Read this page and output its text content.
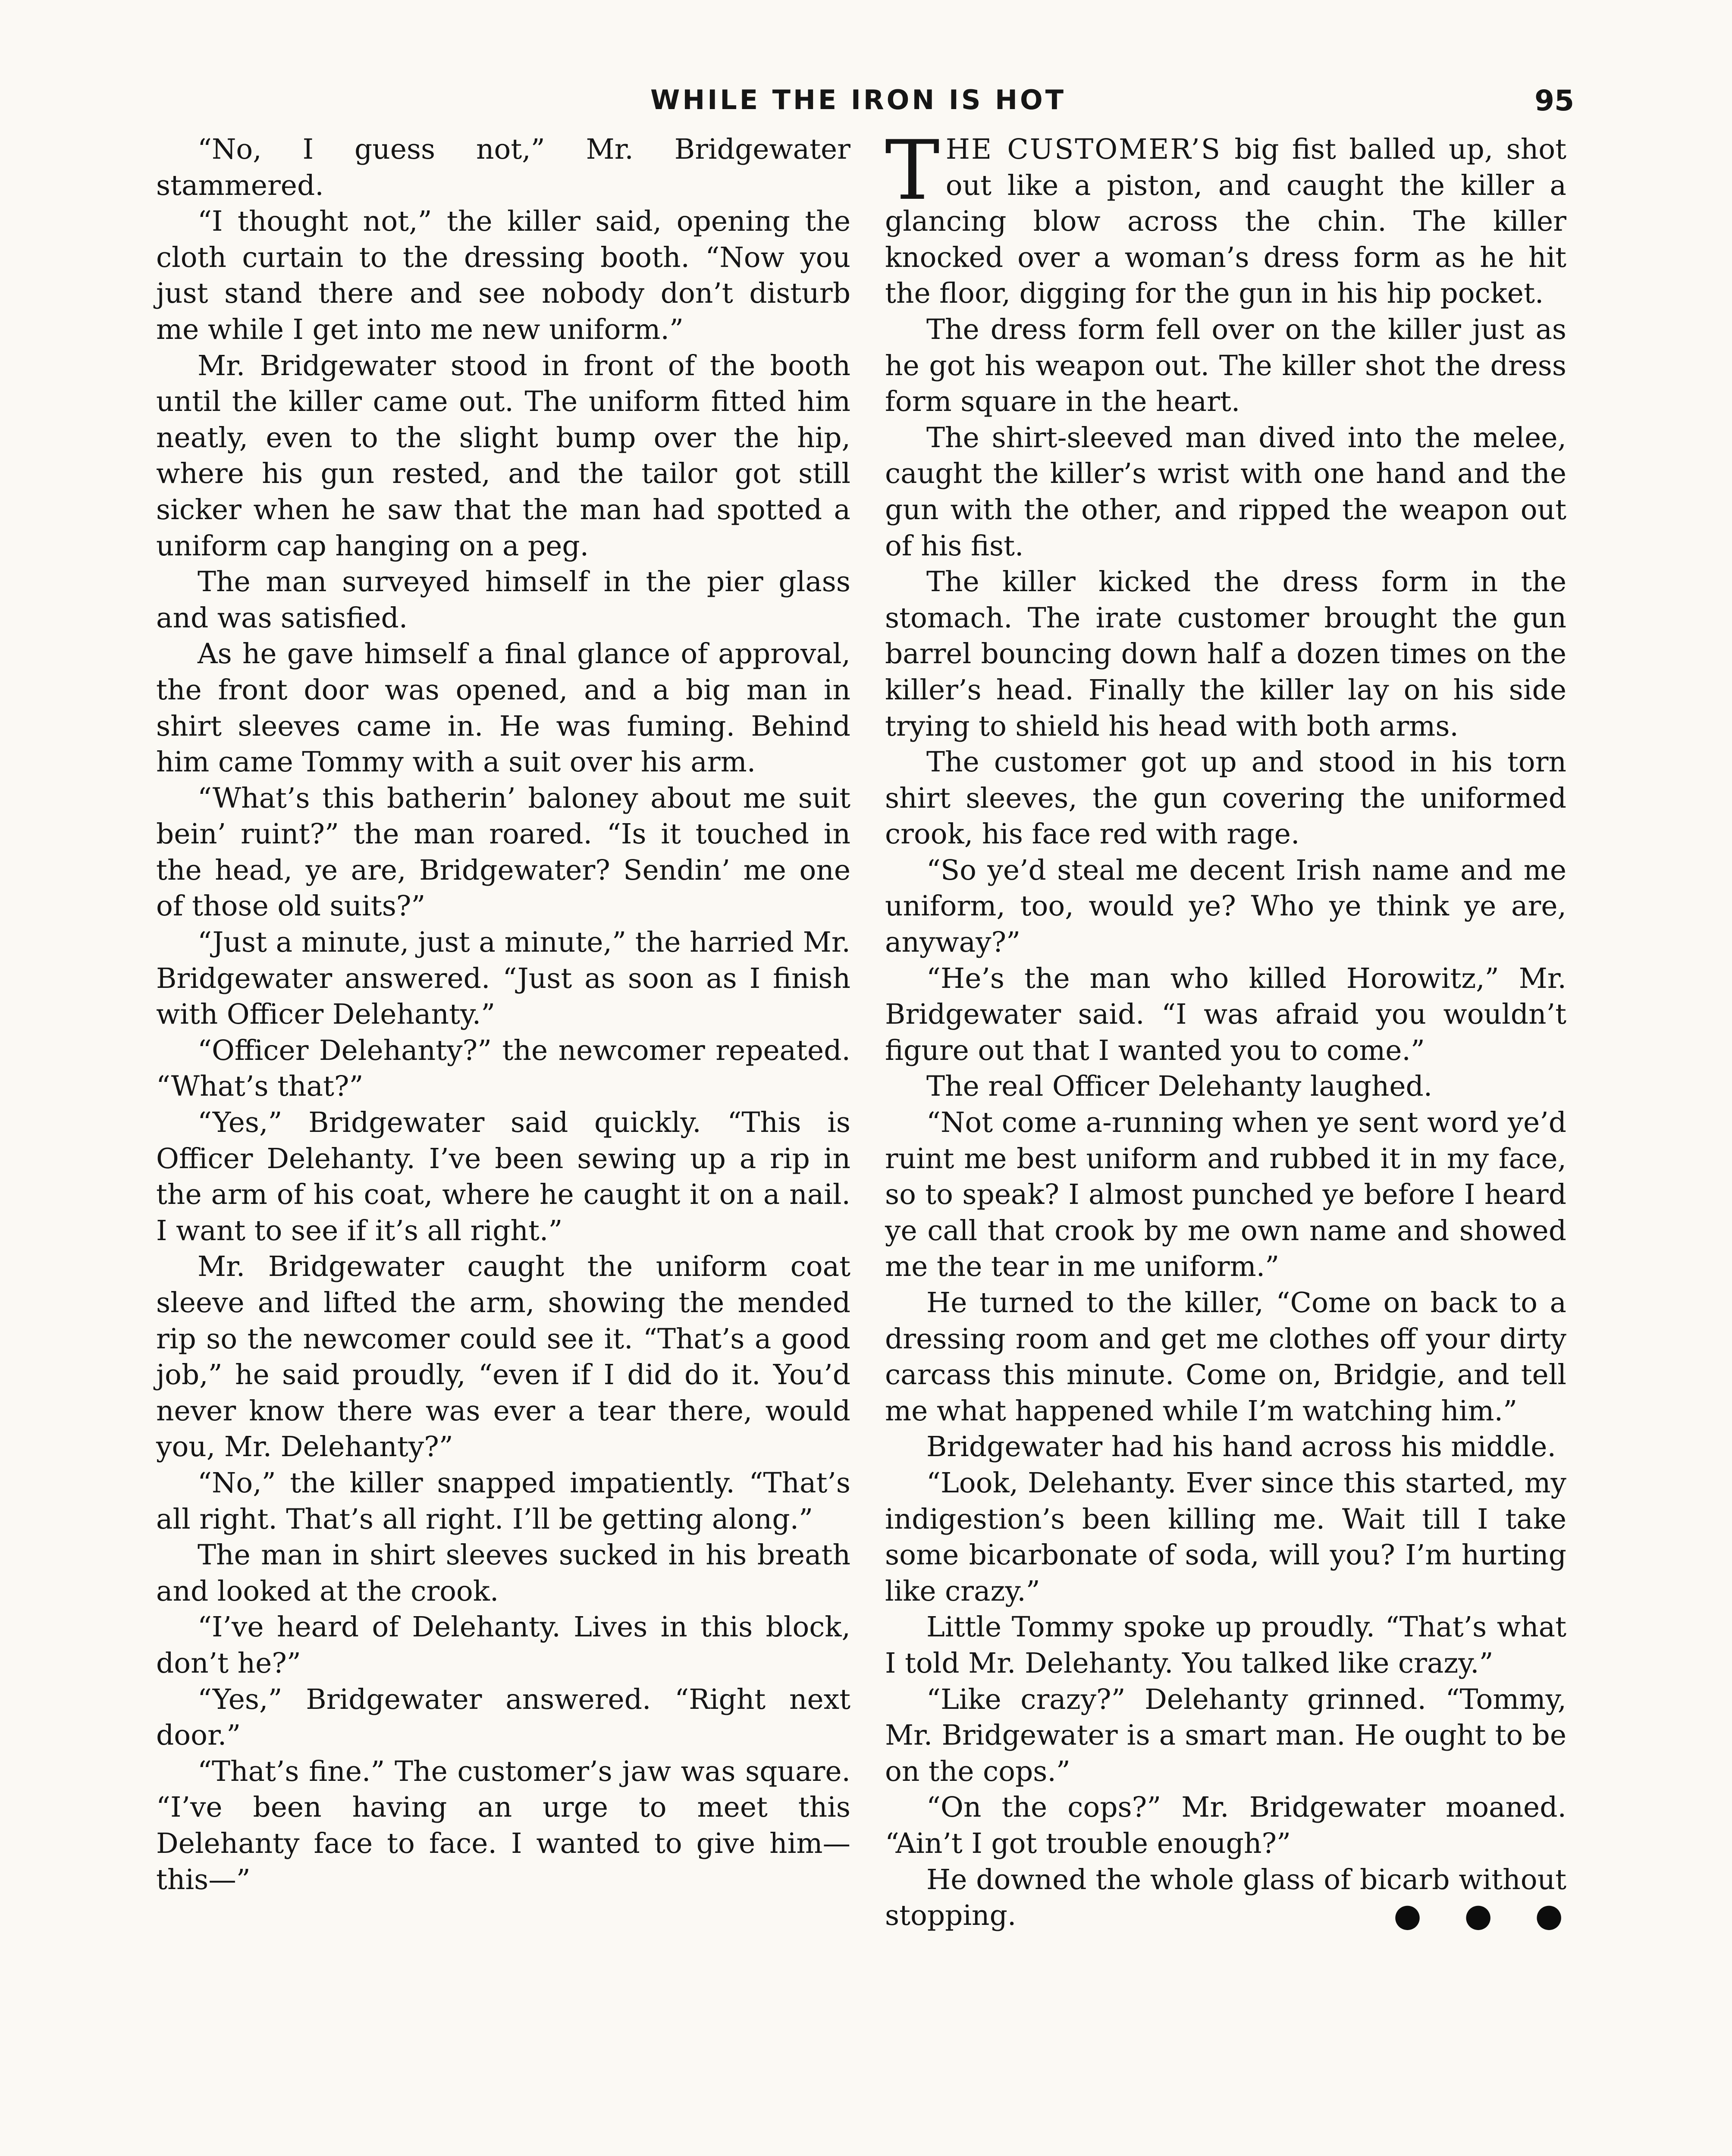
WHILE THE IRON IS HOT	95

“No, I guess not,” Mr. Bridgewater stammered.

“I thought not,” the killer said, opening the cloth curtain to the dressing booth. “Now you just stand there and see nobody don’t disturb me while I get into me new uniform.”

Mr. Bridgewater stood in front of the booth until the killer came out. The uniform fitted him neatly, even to the slight bump over the hip, where his gun rested, and the tailor got still sicker when he saw that the man had spotted a uniform cap hanging on a peg.

The man surveyed himself in the pier glass and was satisfied.

As he gave himself a final glance of approval, the front door was opened, and a big man in shirt sleeves came in. He was fuming. Behind him came Tommy with a suit over his arm.

“What’s this batherin’ baloney about me suit bein’ ruint?” the man roared. “Is it touched in the head, ye are, Bridgewater? Sendin’ me one of those old suits?”

“Just a minute, just a minute,” the harried Mr. Bridgewater answered. “Just as soon as I finish with Officer Delehanty.”

“Officer Delehanty?” the newcomer repeated. “What’s that?”

“Yes,” Bridgewater said quickly. “This is Officer Delehanty. I’ve been sewing up a rip in the arm of his coat, where he caught it on a nail. I want to see if it’s all right.”

Mr. Bridgewater caught the uniform coat sleeve and lifted the arm, showing the mended rip so the newcomer could see it. “That’s a good job,” he said proudly, “even if I did do it. You’d never know there was ever a tear there, would you, Mr. Delehanty?”

“No,” the killer snapped impatiently. “That’s all right. That’s all right. I’ll be getting along.”

The man in shirt sleeves sucked in his breath and looked at the crook.

“I’ve heard of Delehanty. Lives in this block, don’t he?”

“Yes,” Bridgewater answered. “Right next door.”

“That’s fine.” The customer’s jaw was square. “I’ve been having an urge to meet this Delehanty face to face. I wanted to give him—this—”

THE CUSTOMER’S big fist balled up, shot out like a piston, and caught the killer a glancing blow across the chin. The killer knocked over a woman’s dress form as he hit the floor, digging for the gun in his hip pocket.

The dress form fell over on the killer just as he got his weapon out. The killer shot the dress form square in the heart.

The shirt-sleeved man dived into the melee, caught the killer’s wrist with one hand and the gun with the other, and ripped the weapon out of his fist.

The killer kicked the dress form in the stomach. The irate customer brought the gun barrel bouncing down half a dozen times on the killer’s head. Finally the killer lay on his side trying to shield his head with both arms.

The customer got up and stood in his torn shirt sleeves, the gun covering the uniformed crook, his face red with rage.

“So ye’d steal me decent Irish name and me uniform, too, would ye? Who ye think ye are, anyway?”

“He’s the man who killed Horowitz,” Mr. Bridgewater said. “I was afraid you wouldn’t figure out that I wanted you to come.”

The real Officer Delehanty laughed.

“Not come a-running when ye sent word ye’d ruint me best uniform and rubbed it in my face, so to speak? I almost punched ye before I heard ye call that crook by me own name and showed me the tear in me uniform.”

He turned to the killer, “Come on back to a dressing room and get me clothes off your dirty carcass this minute. Come on, Bridgie, and tell me what happened while I’m watching him.”

Bridgewater had his hand across his middle.

“Look, Delehanty. Ever since this started, my indigestion’s been killing me. Wait till I take some bicarbonate of soda, will you? I’m hurting like crazy.”

Little Tommy spoke up proudly. “That’s what I told Mr. Delehanty. You talked like crazy.”

“Like crazy?” Delehanty grinned. “Tommy, Mr. Bridgewater is a smart man. He ought to be on the cops.”

“On the cops?” Mr. Bridgewater moaned. “Ain’t I got trouble enough?”

He downed the whole glass of bicarb without stopping.	● ● ●
